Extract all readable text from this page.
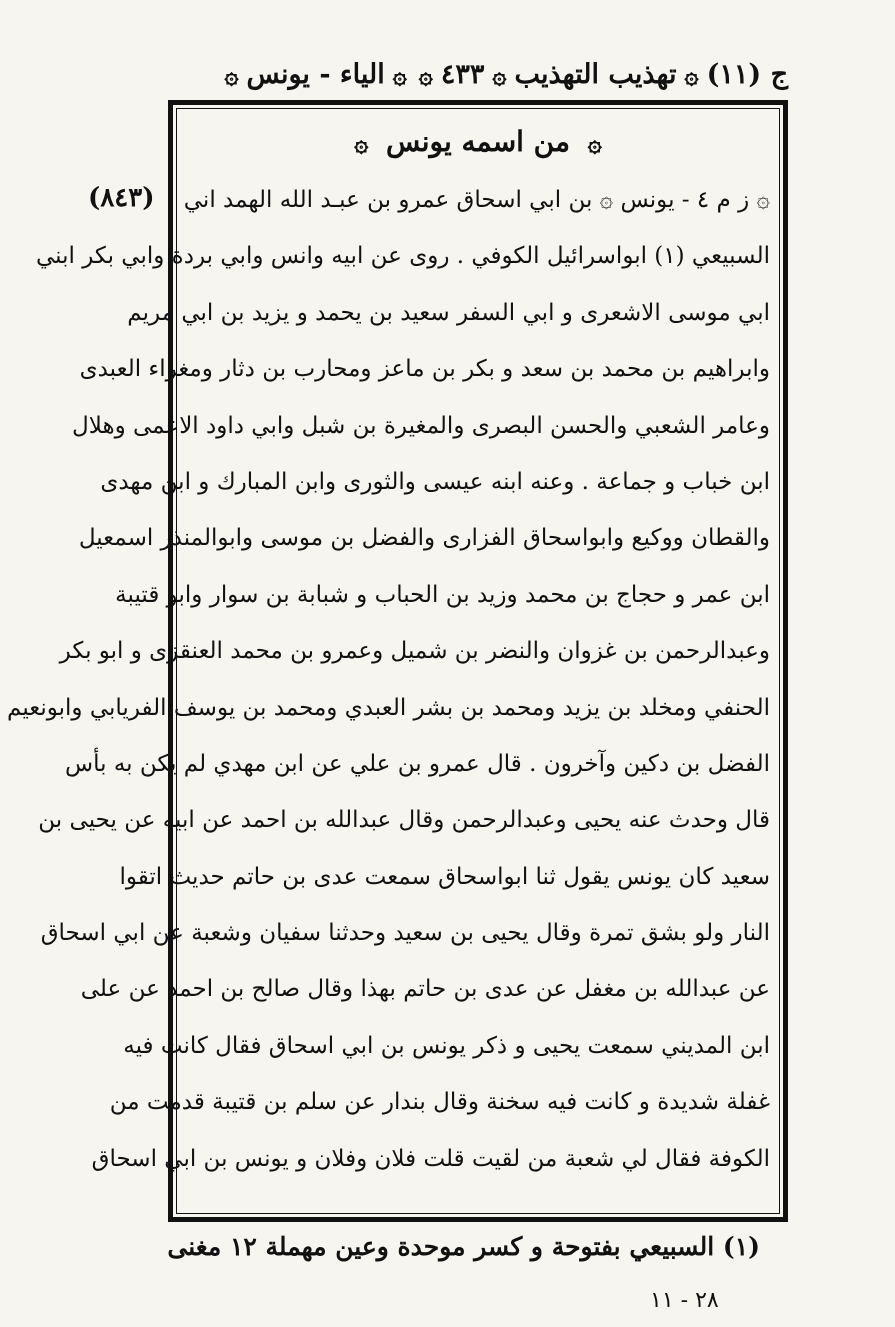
ج (١١)
۞
تهذيب التهذيب
۞
٤٣٣
۞
۞
الياء - يونس
۞
۞ من اسمه يونس ۞
(٨٤٣) ۞ ز م ٤ - يونس ۞ بن ابي اسحاق عمرو بن عبـد الله الهمد اني
السبيعي (١) ابواسرائيل الكوفي . روى عن ابيه وانس وابي بردة وابي بكر ابني
ابي موسى الاشعرى و ابي السفر سعيد بن يحمد و يزيد بن ابي مريم
وابراهيم بن محمد بن سعد و بكر بن ماعز ومحارب بن دثار ومغراء العبدى
وعامر الشعبي والحسن البصرى والمغيرة بن شبل وابي داود الاعمى وهلال
ابن خباب و جماعة . وعنه ابنه عيسى والثورى وابن المبارك و ابن مهدى
والقطان ووكيع وابواسحاق الفزارى والفضل بن موسى وابوالمنذر اسمعيل
ابن عمر و حجاج بن محمد وزيد بن الحباب و شبابة بن سوار وابو قتيبة
وعبدالرحمن بن غزوان والنضر بن شميل وعمرو بن محمد العنقزى و ابو بكر
الحنفي ومخلد بن يزيد ومحمد بن بشر العبدي ومحمد بن يوسف الفريابي وابونعيم
الفضل بن دكين وآخرون . قال عمرو بن علي عن ابن مهدي لم يكن به بأس
قال وحدث عنه يحيى وعبدالرحمن وقال عبدالله بن احمد عن ابيه عن يحيى بن
سعيد كان يونس يقول ثنا ابواسحاق سمعت عدى بن حاتم حديث اتقوا
النار ولو بشق تمرة وقال يحيى بن سعيد وحدثنا سفيان وشعبة عن ابي اسحاق
عن عبدالله بن مغفل عن عدى بن حاتم بهذا وقال صالح بن احمد عن على
ابن المديني سمعت يحيى و ذكر يونس بن ابي اسحاق فقال كانت فيه
غفلة شديدة و كانت فيه سخنة وقال بندار عن سلم بن قتيبة قدمت من
الكوفة فقال لي شعبة من لقيت قلت فلان وفلان و يونس بن ابي اسحاق
(١) السبيعي بفتوحة و كسر موحدة وعين مهملة ١٢ مغنى
٢٨ - ١١
